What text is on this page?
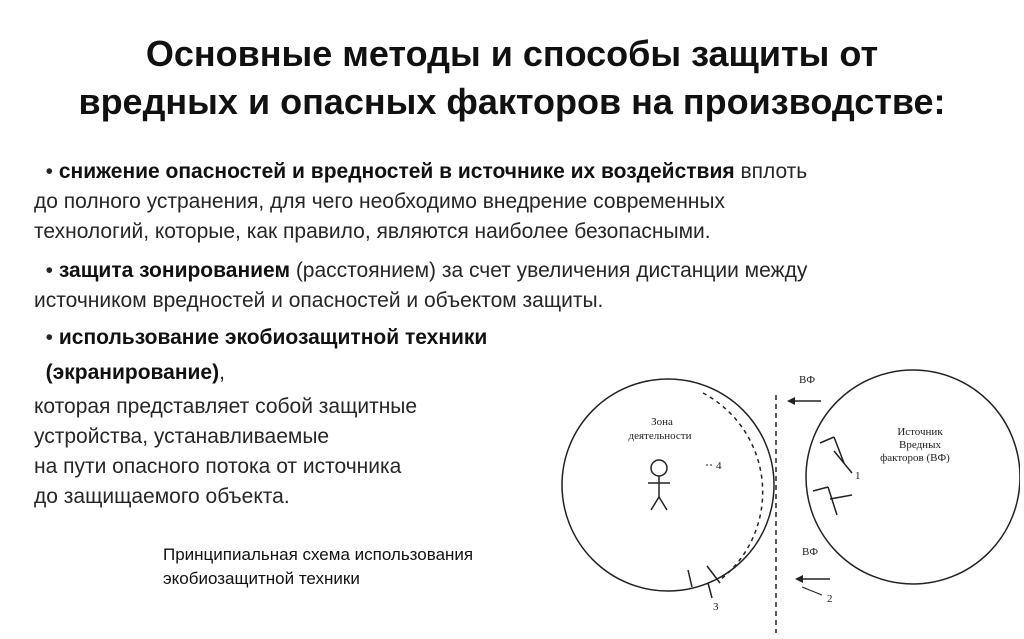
Основные методы и способы защиты от
вредных и опасных факторов на производстве:
• снижение опасностей и вредностей в источнике их воздействия вплоть
до полного устранения, для чего необходимо внедрение современных
технологий, которые, как правило, являются наиболее безопасными.
• защита зонированием (расстоянием) за счет увеличения дистанции между
источником вредностей и опасностей и объектом защиты.
• использование экобиозащитной техники
(экранирование),
которая представляет собой защитные
устройства, устанавливаемые
на пути опасного потока от источника
до защищаемого объекта.
Принципиальная схема использования
экобиозащитной техники
Зона
деятельности
4
3
ВФ
ВФ
2
Источник
Вредных
факторов (ВФ)
1
